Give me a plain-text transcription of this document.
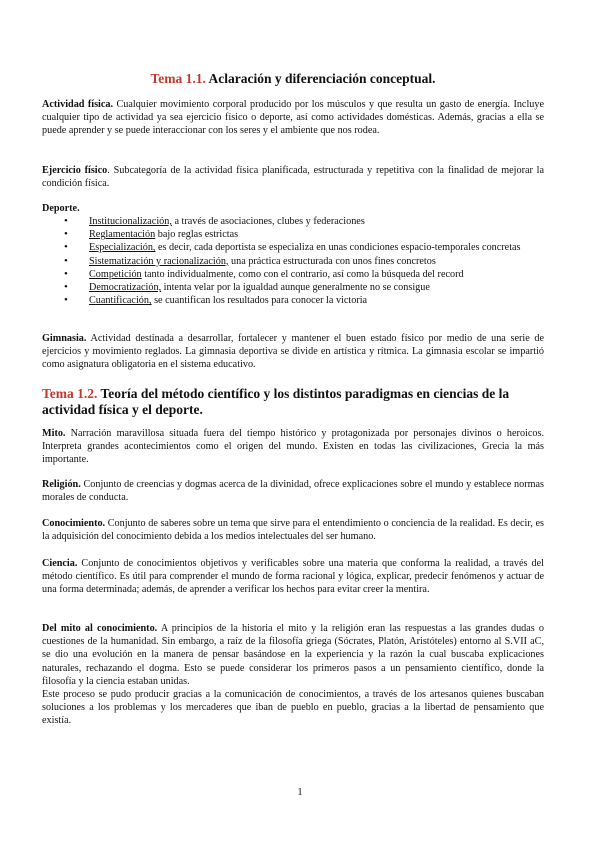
Tema 1.1. Aclaración y diferenciación conceptual.

Actividad física. Cualquier movimiento corporal producido por los músculos y que resulta un gasto de energía. Incluye cualquier tipo de actividad ya sea ejercicio físico o deporte, así como actividades domésticas. Además, gracias a ella se puede aprender y se puede interaccionar con los seres y el ambiente que nos rodea.

Ejercicio físico. Subcategoría de la actividad física planificada, estructurada y repetitiva con la finalidad de mejorar la condición física.

Deporte.

• Institucionalización, a través de asociaciones, clubes y federaciones
• Reglamentación bajo reglas estrictas
• Especialización, es decir, cada deportista se especializa en unas condiciones espacio-temporales concretas
• Sistematización y racionalización, una práctica estructurada con unos fines concretos
• Competición tanto individualmente, como con el contrario, así como la búsqueda del record
• Democratización, intenta velar por la igualdad aunque generalmente no se consigue
• Cuantificación, se cuantifican los resultados para conocer la victoria

Gimnasia. Actividad destinada a desarrollar, fortalecer y mantener el buen estado físico por medio de una serie de ejercicios y movimiento reglados. La gimnasia deportiva se divide en artística y rítmica. La gimnasia escolar se impartió como asignatura obligatoria en el sistema educativo.

Tema 1.2. Teoría del método científico y los distintos paradigmas en ciencias de la actividad física y el deporte.

Mito. Narración maravillosa situada fuera del tiempo histórico y protagonizada por personajes divinos o heroicos. Interpreta grandes acontecimientos como el origen del mundo. Existen en todas las civilizaciones, Grecia la más importante.

Religión. Conjunto de creencias y dogmas acerca de la divinidad, ofrece explicaciones sobre el mundo y establece normas morales de conducta.

Conocimiento. Conjunto de saberes sobre un tema que sirve para el entendimiento o conciencia de la realidad. Es decir, es la adquisición del conocimiento debida a los medios intelectuales del ser humano.

Ciencia. Conjunto de conocimientos objetivos y verificables sobre una materia que conforma la realidad, a través del método científico. Es útil para comprender el mundo de forma racional y lógica, explicar, predecir fenómenos y actuar de una forma determinada; además, de aprender a verificar los hechos para evitar creer la mentira.

Del mito al conocimiento. A principios de la historia el mito y la religión eran las respuestas a las grandes dudas o cuestiones de la humanidad. Sin embargo, a raíz de la filosofía griega (Sócrates, Platón, Aristóteles) entorno al S.VII aC, se dio una evolución en la manera de pensar basándose en la experiencia y la razón la cual buscaba explicaciones naturales, rechazando el dogma. Esto se puede considerar los primeros pasos a un pensamiento científico, donde la filosofía y la ciencia estaban unidas.

Este proceso se pudo producir gracias a la comunicación de conocimientos, a través de los artesanos quienes buscaban soluciones a los problemas y los mercaderes que iban de pueblo en pueblo, gracias a la libertad de pensamiento que existía.

1
